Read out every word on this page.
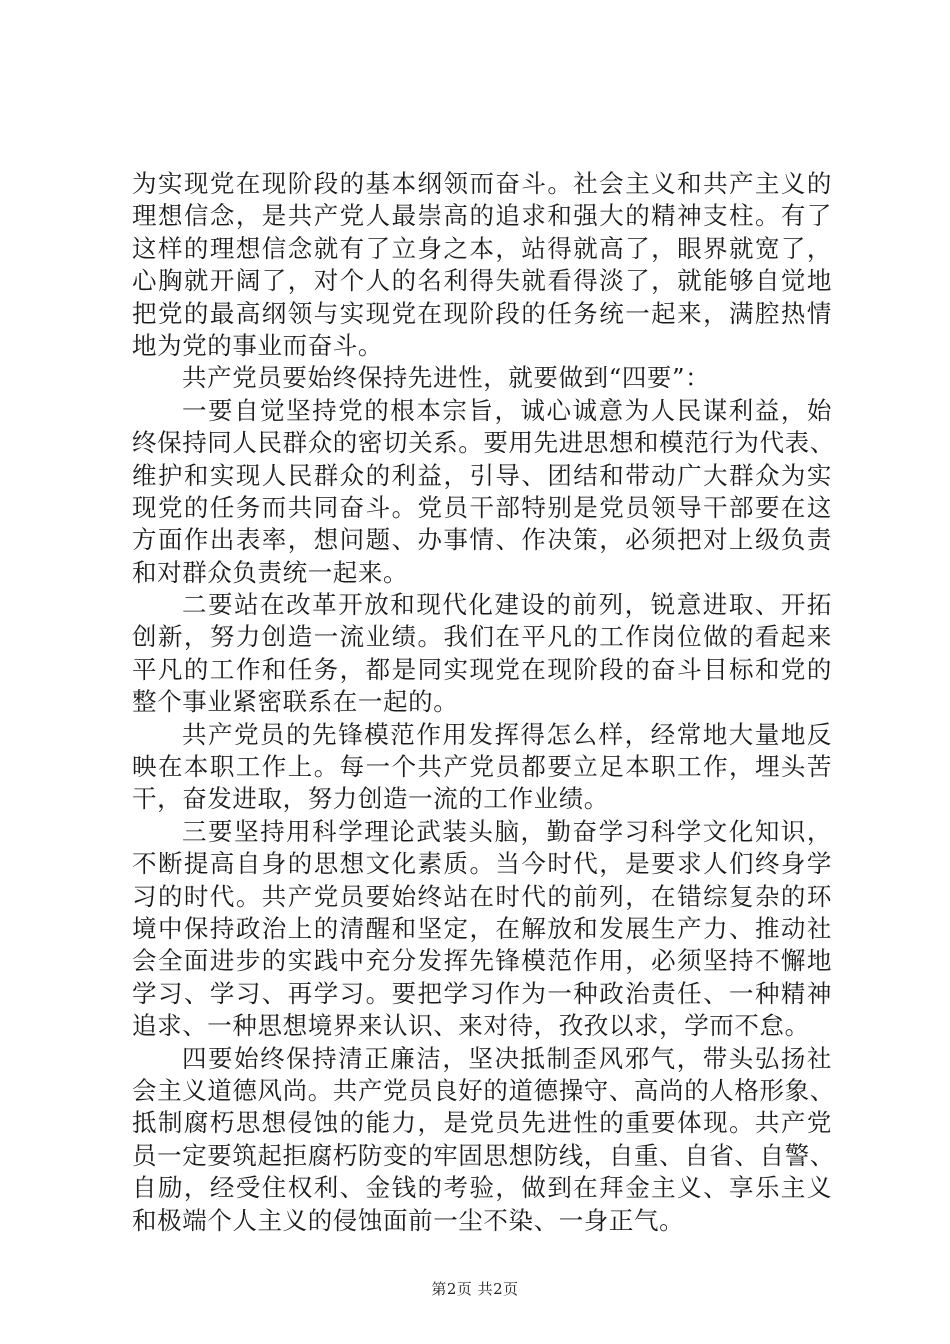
为实现党在现阶段的基本纲领而奋斗。社会主义和共产主义的
理想信念，是共产党人最崇高的追求和强大的精神支柱。有了
这样的理想信念就有了立身之本，站得就高了，眼界就宽了，
心胸就开阔了，对个人的名利得失就看得淡了，就能够自觉地
把党的最高纲领与实现党在现阶段的任务统一起来，满腔热情
地为党的事业而奋斗。
共产党员要始终保持先进性，就要做到“四要”：
一要自觉坚持党的根本宗旨，诚心诚意为人民谋利益，始
终保持同人民群众的密切关系。要用先进思想和模范行为代表、
维护和实现人民群众的利益，引导、团结和带动广大群众为实
现党的任务而共同奋斗。党员干部特别是党员领导干部要在这
方面作出表率，想问题、办事情、作决策，必须把对上级负责
和对群众负责统一起来。
二要站在改革开放和现代化建设的前列，锐意进取、开拓
创新，努力创造一流业绩。我们在平凡的工作岗位做的看起来
平凡的工作和任务，都是同实现党在现阶段的奋斗目标和党的
整个事业紧密联系在一起的。
共产党员的先锋模范作用发挥得怎么样，经常地大量地反
映在本职工作上。每一个共产党员都要立足本职工作，埋头苦
干，奋发进取，努力创造一流的工作业绩。
三要坚持用科学理论武装头脑，勤奋学习科学文化知识，
不断提高自身的思想文化素质。当今时代，是要求人们终身学
习的时代。共产党员要始终站在时代的前列，在错综复杂的环
境中保持政治上的清醒和坚定，在解放和发展生产力、推动社
会全面进步的实践中充分发挥先锋模范作用，必须坚持不懈地
学习、学习、再学习。要把学习作为一种政治责任、一种精神
追求、一种思想境界来认识、来对待，孜孜以求，学而不怠。
四要始终保持清正廉洁，坚决抵制歪风邪气，带头弘扬社
会主义道德风尚。共产党员良好的道德操守、高尚的人格形象、
抵制腐朽思想侵蚀的能力，是党员先进性的重要体现。共产党
员一定要筑起拒腐朽防变的牢固思想防线，自重、自省、自警、
自励，经受住权利、金钱的考验，做到在拜金主义、享乐主义
和极端个人主义的侵蚀面前一尘不染、一身正气。
第2页 共2页
